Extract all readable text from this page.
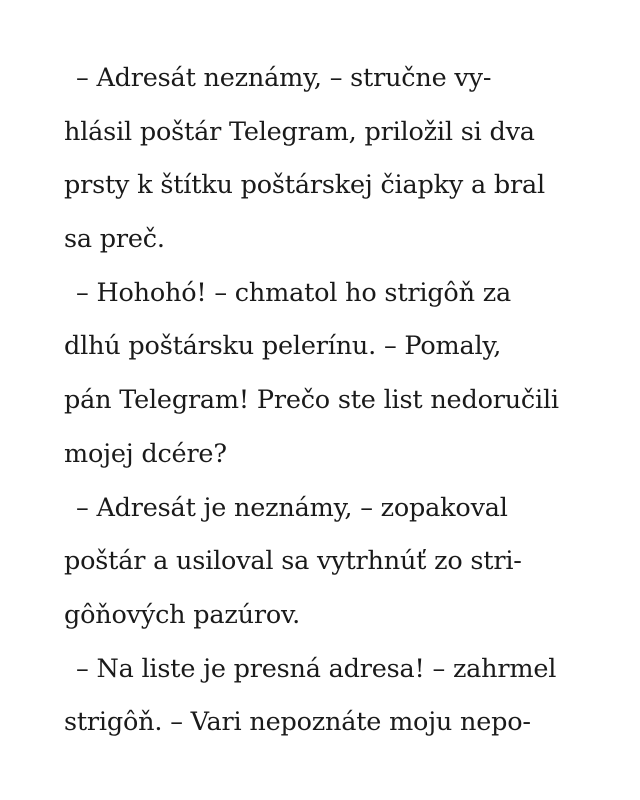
– Adresát neznámy, – stručne vy-
hlásil poštár Telegram, priložil si dva
prsty k štítku poštárskej čiapky a bral
sa preč.
– Hohohó! – chmatol ho strigôň za
dlhú poštársku pelerínu. – Pomaly,
pán Telegram! Prečo ste list nedoručili
mojej dcére?
– Adresát je neznámy, – zopakoval
poštár a usiloval sa vytrhnúť zo stri-
gôňových pazúrov.
– Na liste je presná adresa! – zahrmel
strigôň. – Vari nepoznáte moju nepo-
